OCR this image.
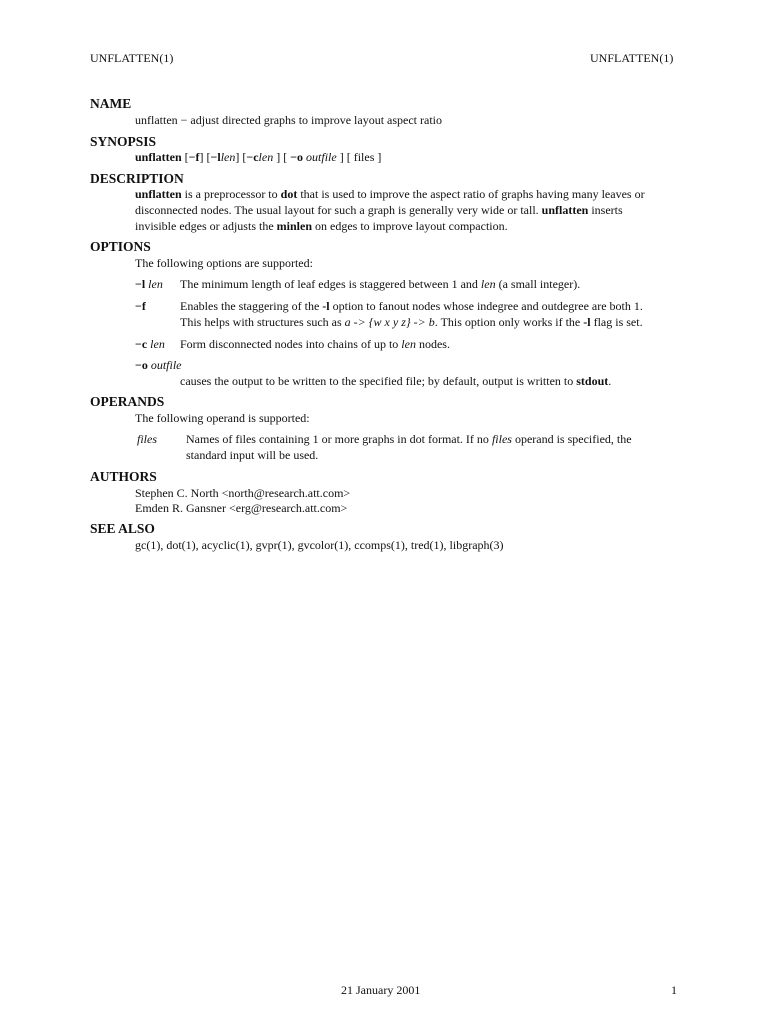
UNFLATTEN(1)	UNFLATTEN(1)
NAME
unflatten − adjust directed graphs to improve layout aspect ratio
SYNOPSIS
unflatten [−f] [−llen] [−clen ] [ −o outfile ] [ files ]
DESCRIPTION
unflatten is a preprocessor to dot that is used to improve the aspect ratio of graphs having many leaves or
disconnected nodes. The usual layout for such a graph is generally very wide or tall. unflatten inserts
invisible edges or adjusts the minlen on edges to improve layout compaction.
OPTIONS
The following options are supported:
−l len The minimum length of leaf edges is staggered between 1 and len (a small integer).
−f	Enables the staggering of the -l option to fanout nodes whose indegree and outdegree are both 1.
This helps with structures such as a -> {w x y z} -> b. This option only works if the -l flag is set.
−c len Form disconnected nodes into chains of up to len nodes.
−o outfile
causes the output to be written to the specified file; by default, output is written to stdout.
OPERANDS
The following operand is supported:
files Names of files containing 1 or more graphs in dot format. If no files operand is specified, the
standard input will be used.
AUTHORS
Stephen C. North <north@research.att.com>
Emden R. Gansner <erg@research.att.com>
SEE ALSO
gc(1), dot(1), acyclic(1), gvpr(1), gvcolor(1), ccomps(1), tred(1), libgraph(3)
21 January 2001	1
